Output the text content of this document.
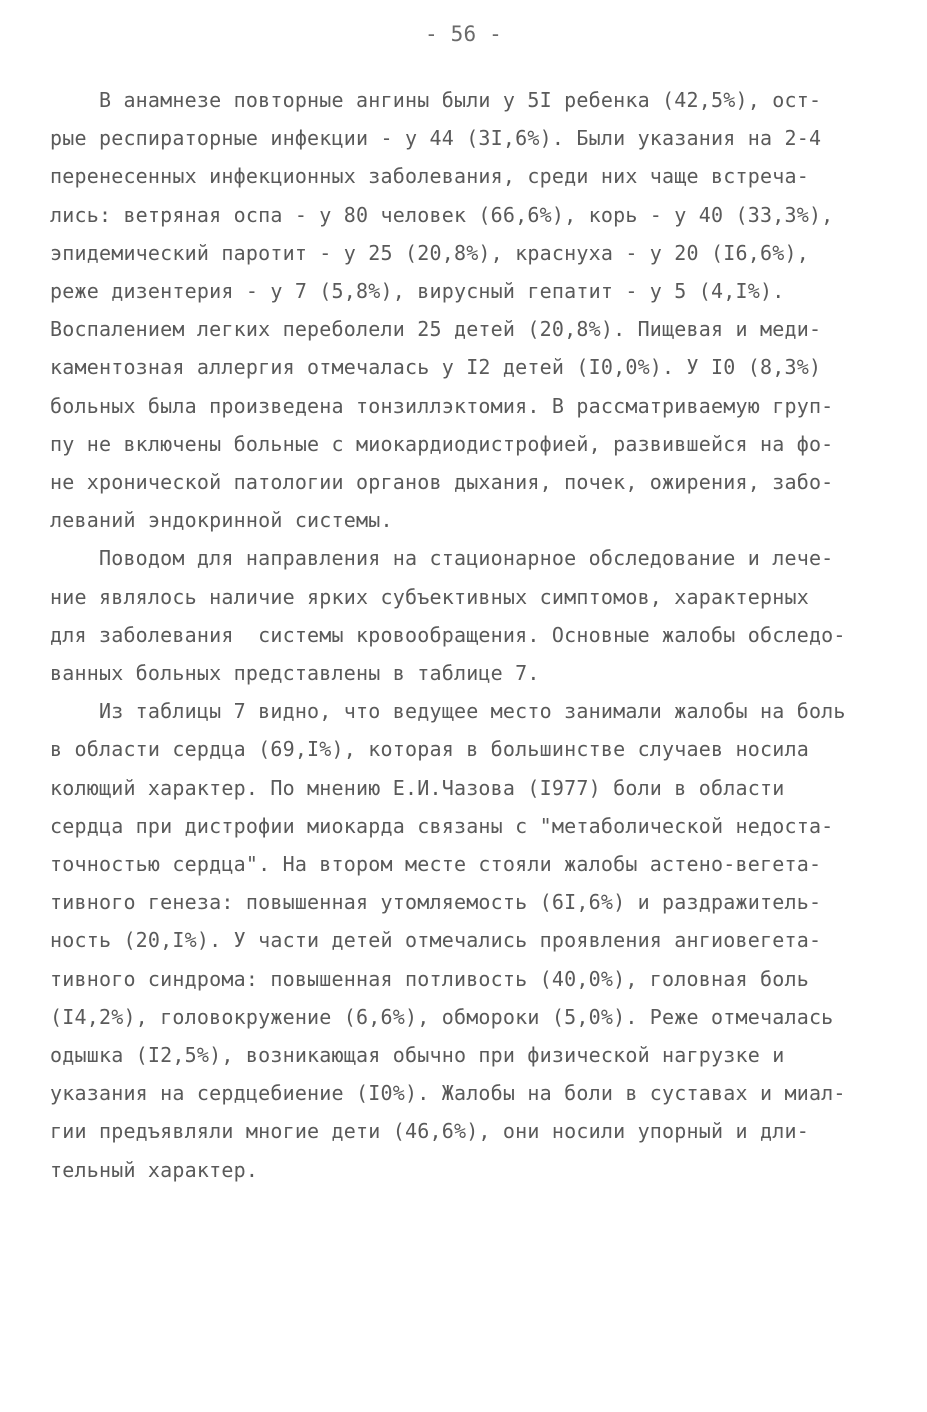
- 56 -
В анамнезе повторные ангины были у 5I ребенка (42,5%), ост-
рые респираторные инфекции - у 44 (3I,6%). Были указания на 2-4
перенесенных инфекционных заболевания, среди них чаще встреча-
лись: ветряная оспа - у 80 человек (66,6%), корь - у 40 (33,3%),
эпидемический паротит - у 25 (20,8%), краснуха - у 20 (I6,6%),
реже дизентерия - у 7 (5,8%), вирусный гепатит - у 5 (4,I%).
Воспалением легких переболели 25 детей (20,8%). Пищевая и меди-
каментозная аллергия отмечалась у I2 детей (I0,0%). У I0 (8,3%)
больных была произведена тонзиллэктомия. В рассматриваемую груп-
пу не включены больные с миокардиодистрофией, развившейся на фо-
не хронической патологии органов дыхания, почек, ожирения, забо-
леваний эндокринной системы.
Поводом для направления на стационарное обследование и лече-
ние являлось наличие ярких субъективных симптомов, характерных
для заболевания  системы кровообращения. Основные жалобы обследо-
ванных больных представлены в таблице 7.
Из таблицы 7 видно, что ведущее место занимали жалобы на боль
в области сердца (69,I%), которая в большинстве случаев носила
колющий характер. По мнению Е.И.Чазова (I977) боли в области
сердца при дистрофии миокарда связаны с "метаболической недоста-
точностью сердца". На втором месте стояли жалобы астено-вегета-
тивного генеза: повышенная утомляемость (6I,6%) и раздражитель-
ность (20,I%). У части детей отмечались проявления ангиовегета-
тивного синдрома: повышенная потливость (40,0%), головная боль
(I4,2%), головокружение (6,6%), обмороки (5,0%). Реже отмечалась
одышка (I2,5%), возникающая обычно при физической нагрузке и
указания на сердцебиение (I0%). Жалобы на боли в суставах и миал-
гии предъявляли многие дети (46,6%), они носили упорный и дли-
тельный характер.
